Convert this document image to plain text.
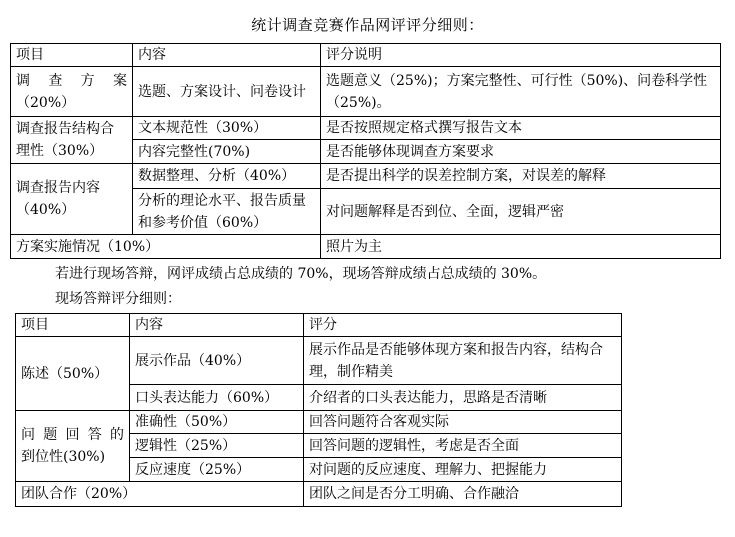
统计调查竞赛作品网评评分细则：
项目	内容	评分说明

调 查 方 案
（20%）	选题、方案设计、问卷设计	选题意义（25%)；方案完整性、可行性（50%)、问卷科学性（25%)。
调查报告结构合理性（30%）	文本规范性（30%）	是否按照规定格式撰写报告文本
	内容完整性(70%)	是否能够体现调查方案要求
调查报告内容（40%）	数据整理、分析（40%）	是否提出科学的误差控制方案，对误差的解释
	分析的理论水平、报告质量和参考价值（60%）	对问题解释是否到位、全面，逻辑严密
方案实施情况（10%）		照片为主
若进行现场答辩，网评成绩占总成绩的 70%，现场答辩成绩占总成绩的 30%。
现场答辩评分细则：
项目	内容	评分
陈述（50%）	展示作品（40%）	展示作品是否能够体现方案和报告内容，结构合理，制作精美
	口头表达能力（60%）	介绍者的口头表达能力，思路是否清晰

问 题 回 答 的
到位性(30%)	准确性（50%）	回答问题符合客观实际
	逻辑性（25%）	回答问题的逻辑性，考虑是否全面
	反应速度（25%）	对问题的反应速度、理解力、把握能力
团队合作（20%）		团队之间是否分工明确、合作融洽
